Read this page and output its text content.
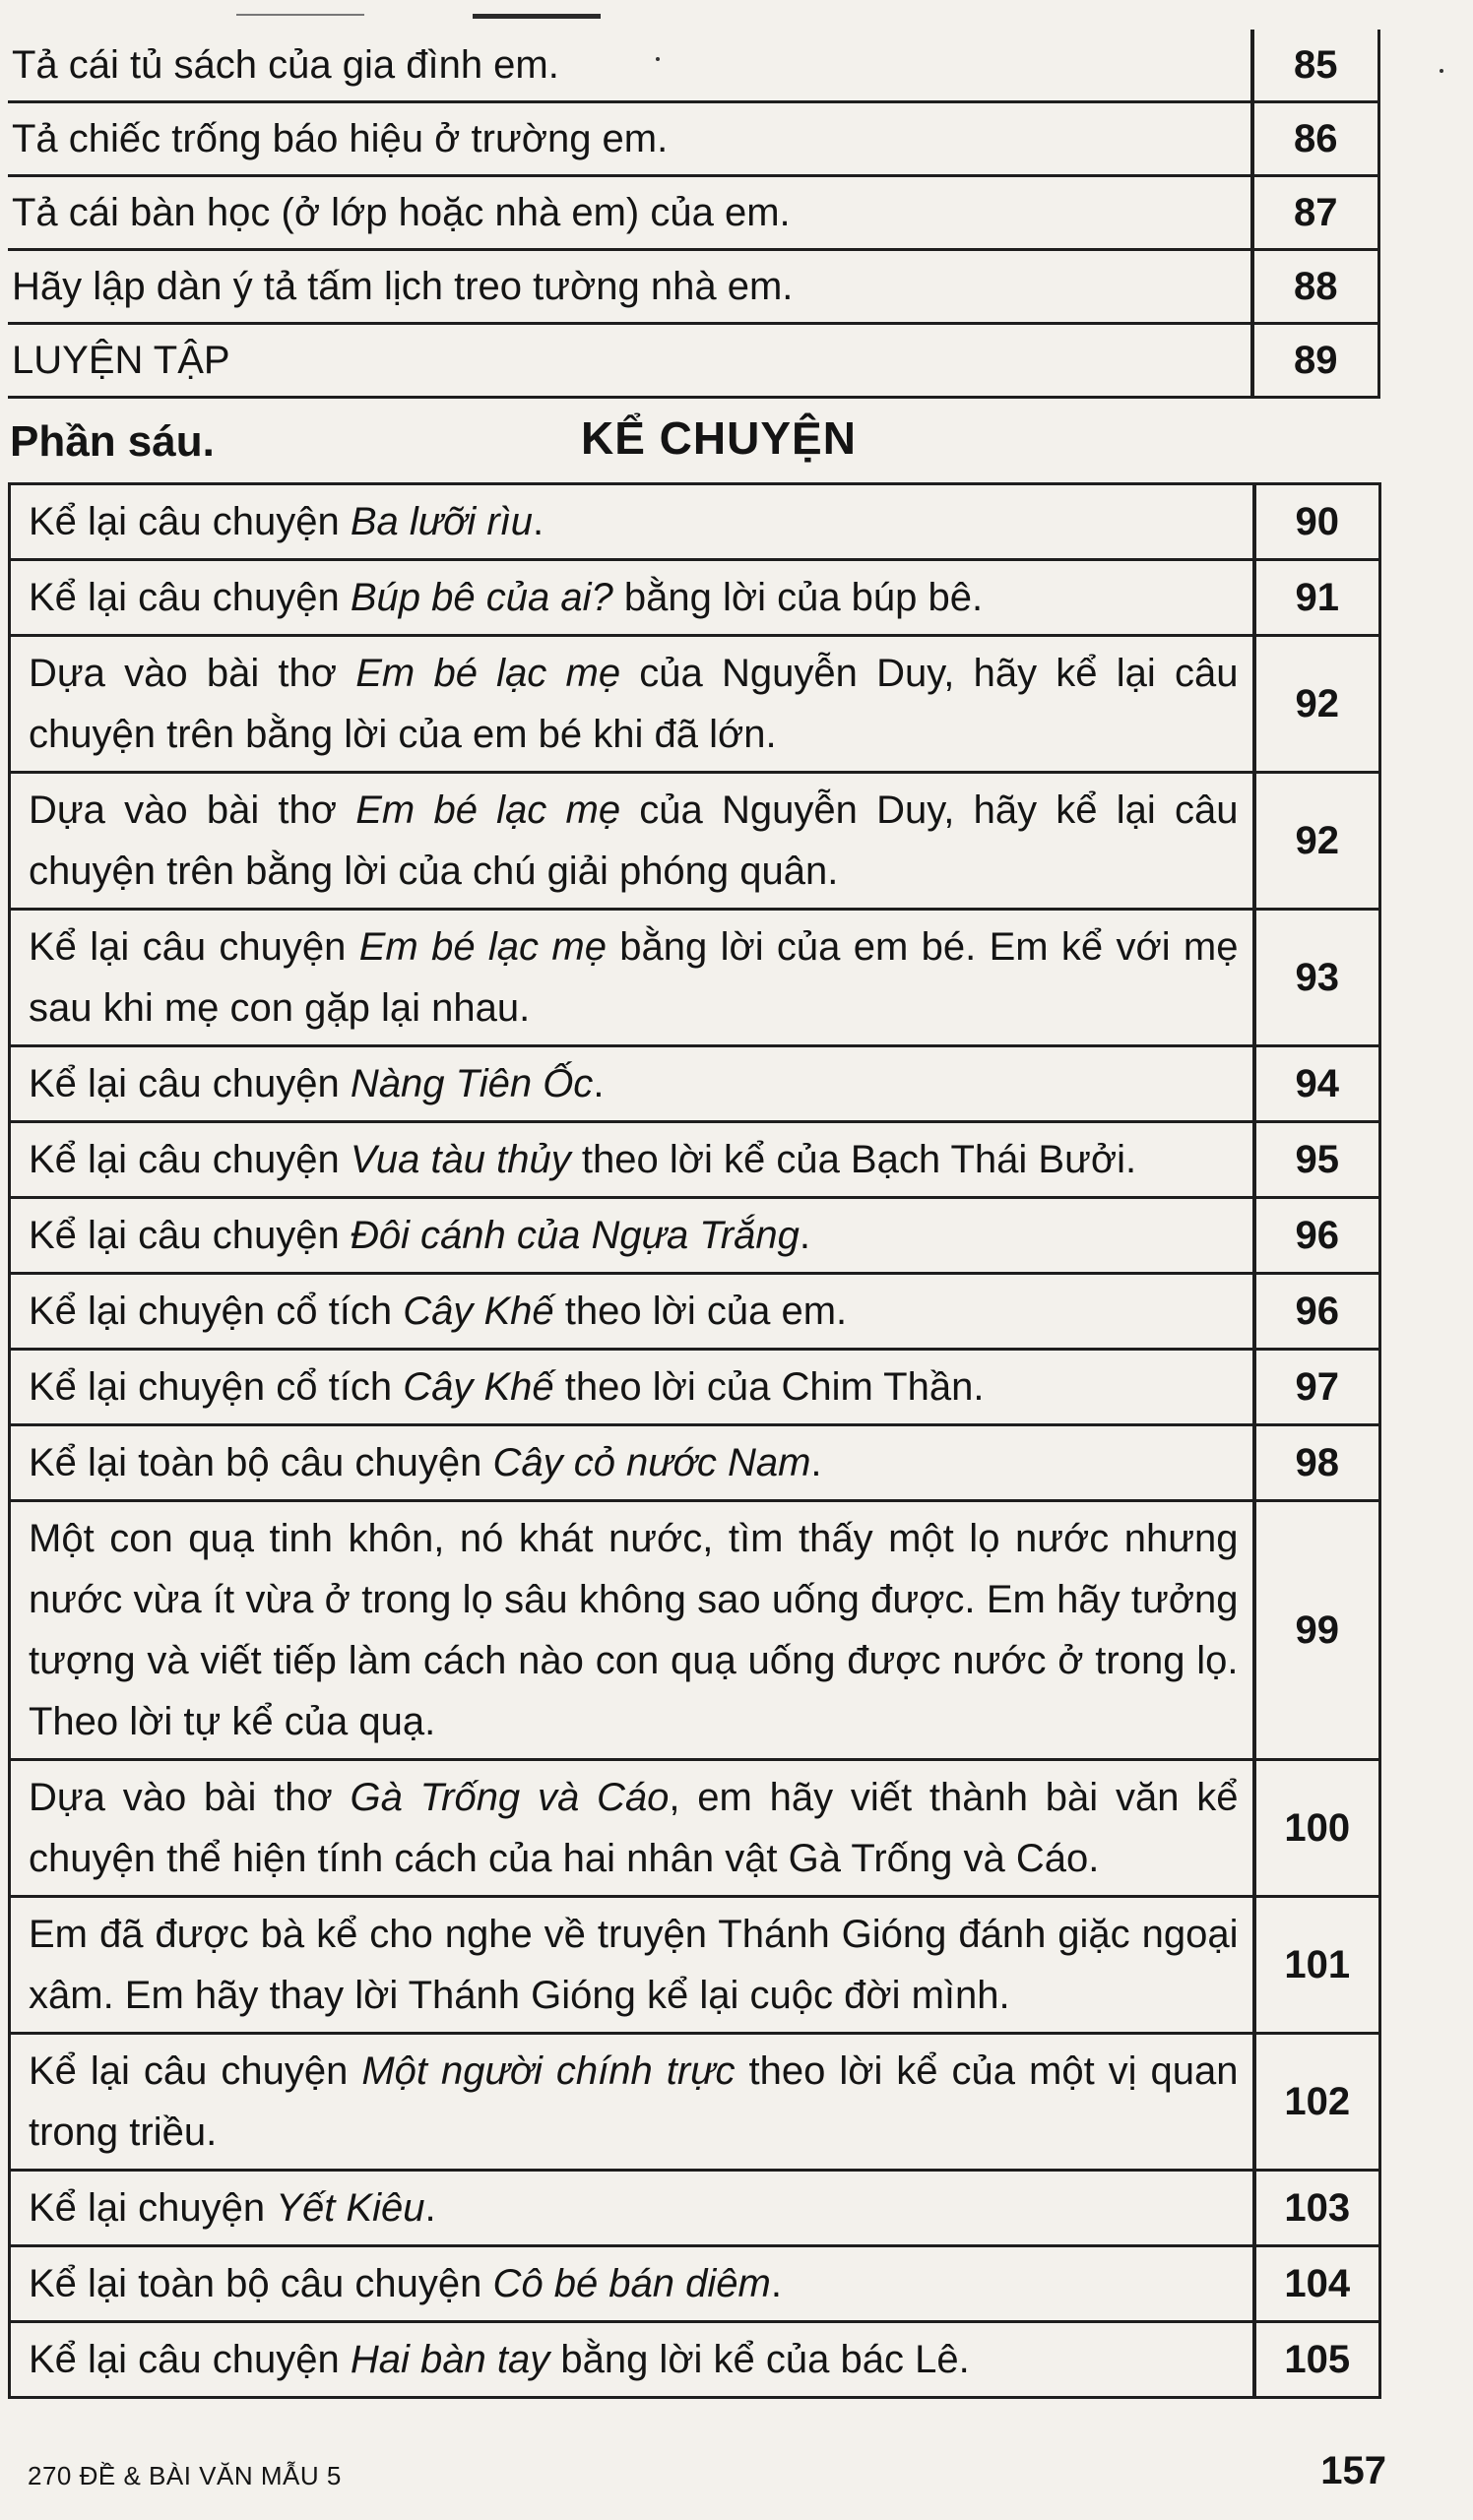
Tả cái tủ sách của gia đình em.	85
Tả chiếc trống báo hiệu ở trường em.	86
Tả cái bàn học (ở lớp hoặc nhà em) của em.	87
Hãy lập dàn ý tả tấm lịch treo tường nhà em.	88
LUYỆN TẬP	89
Phần sáu.	KỂ CHUYỆN
Kể lại câu chuyện Ba lưỡi rìu.	90
Kể lại câu chuyện Búp bê của ai? bằng lời của búp bê.	91
Dựa vào bài thơ Em bé lạc mẹ của Nguyễn Duy, hãy kể lại câu chuyện trên bằng lời của em bé khi đã lớn.	92
Dựa vào bài thơ Em bé lạc mẹ của Nguyễn Duy, hãy kể lại câu chuyện trên bằng lời của chú giải phóng quân.	92
Kể lại câu chuyện Em bé lạc mẹ bằng lời của em bé. Em kể với mẹ sau khi mẹ con gặp lại nhau.	93
Kể lại câu chuyện Nàng Tiên Ốc.	94
Kể lại câu chuyện Vua tàu thủy theo lời kể của Bạch Thái Bưởi.	95
Kể lại câu chuyện Đôi cánh của Ngựa Trắng.	96
Kể lại chuyện cổ tích Cây Khế theo lời của em.	96
Kể lại chuyện cổ tích Cây Khế theo lời của Chim Thần.	97
Kể lại toàn bộ câu chuyện Cây cỏ nước Nam.	98
Một con quạ tinh khôn, nó khát nước, tìm thấy một lọ nước nhưng nước vừa ít vừa ở trong lọ sâu không sao uống được. Em hãy tưởng tượng và viết tiếp làm cách nào con quạ uống được nước ở trong lọ. Theo lời tự kể của quạ.	99
Dựa vào bài thơ Gà Trống và Cáo, em hãy viết thành bài văn kể chuyện thể hiện tính cách của hai nhân vật Gà Trống và Cáo.	100
Em đã được bà kể cho nghe về truyện Thánh Gióng đánh giặc ngoại xâm. Em hãy thay lời Thánh Gióng kể lại cuộc đời mình.	101
Kể lại câu chuyện Một người chính trực theo lời kể của một vị quan trong triều.	102
Kể lại chuyện Yết Kiêu.	103
Kể lại toàn bộ câu chuyện Cô bé bán diêm.	104
Kể lại câu chuyện Hai bàn tay bằng lời kể của bác Lê.	105
270 ĐỀ & BÀI VĂN MẪU 5	157
